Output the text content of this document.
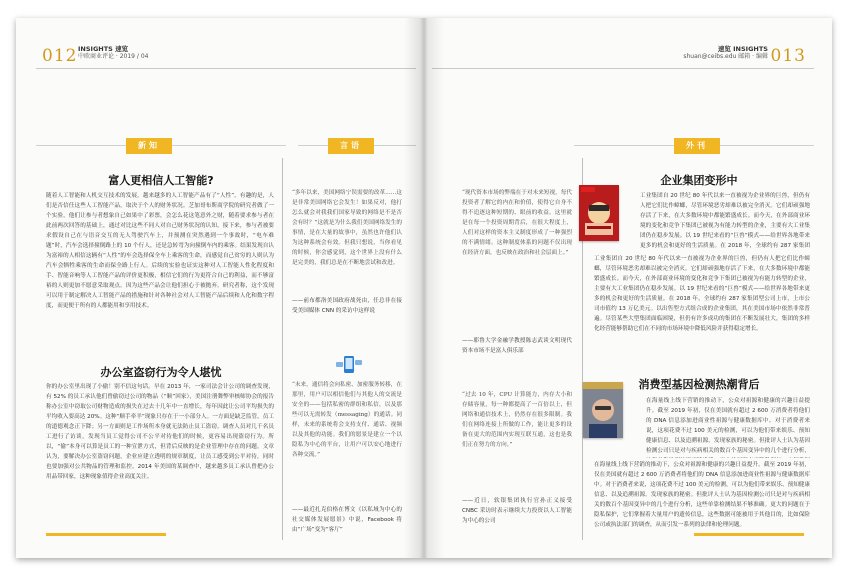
012 INSIGHTS 速览
中欧商业评论 · 2019 / 04
新知	言语
富人更相信人工智能?
随着人工智能和人机交互技术的发展，越来越多的人工智能产品有了“人性”。有趣的是，人们是否信任这些人工智能产品，取决于个人的财务状况。芝加哥布斯商学院的研究者做了一个实验，他们让参与者想象自己如果中了彩票，会怎么花这笔意外之财，随着要求参与者在此前两次回答的基础上，通过对比这些不同人对自己财务状况的认知，接下来，参与者被要求假设自己在与语音交互的无人驾驶汽车上，并预测在突然遇到一个事故时，“电车难题”时，汽车会选择撞倒路上的 10 个行人，还是急转弯为向撞倒车内的乘客。结果发现自认为富裕的人相信这辆有“人性”的车会选择保全车上乘客的生命，而感觉自己贫穷的人则认为汽车会牺牲乘客的生命而保全路上行人。后续的实验也证实这种对人工智能人性化程度和手、智能音响等人工智能产品的评价更积极，相信它们的行为更符合自己的利益，而不够富裕的人则更加不愿意采取观点。因为这些产品会让他们担心于被抛弃。研究者称，这个发现可以用于制定解决人工智能产品的措施和针对各种社会对人工智能产品后续和人化和数字程度，而更便于所有的人都能用和享用技术。
办公室盗窃行为令人堪忧
你的办公室里出现了小偷！别不信这句话。早在 2013 年，一家司法会计公司的调查发现，有 52% 的员工承认他们曾偷窃过公司的物品（“顺”回家），美国注册舞弊审核师协会的报告称办公室中窃取公司财物造成的损失在过去十几年中一直增长，每年因此让公司平均损失的平均收入要高达 20%。这种“顺手牵羊”现象只存在于一小部分人。一方面是缺乏监管，员工的道德观念正下降；另一方面则是工作场所本身就无法防止员工盗窃。调查人员对几千名员工进行了访谈，发现当员工觉得公司不公平对待他们的时候，更容易出现盗窃行为。所以，“偷”本身可以算是员工的一种宣泄方式，但背后反映的是企业管理中存在的问题。文章认为，要解决办公室盗窃问题，企业应建立透明的规章制度，让员工感受到公平对待，同时也要加强对公共物品的管理和监控。2014 年美国的某调查中，越来越多员工承认曾把办公用品带回家，这种现象值得企业高度关注。
“多年以来，美国网络宁误需要的改革……这是非常美国网络它会发生！如果反对，他打怎么就会对我我们国家导致的网络是不是否会有时？”这就是为什么我们美国网络发生的事情，是在大量的故事中，虽然也许他们认为这种系统会有效。但我只想说，当你看见的时候，你会感觉到，这个世界上没有什么是完美的，我们总是在不断地尝试和改进。
——前布都洛美国政府战死由，任总非在接受美国媒体 CNN 的采访中这样说
“未来，通信将会向私密、加密服务转移，在那里，用户可以相信他们与其他人的交流是安全的——包括私密的群组和私信，以及那些可以无需转发（messaging）的通话。同样，未来的系统将会支持支付、通话、视频以及其他的功能。我们的愿景是建立一个以隐私为中心的平台，让用户可以安心地进行各种交流。”
——最近扎克伯格在博文《以私域为中心的社交媒体发展愿景》中说，Facebook 将由“广场”变为“客厅”
013
速览 INSIGHTS
shuan@ceibs.edu 邮箱 · 编辑
外刊
“现代资本市场的弊端在于对未来短视，每代投资者了解它的内在和价值，使得它自身不得不追逐这种短期的、眼前的收益。这里就是在每一个投资周期背后，在很大程度上，人们对这样的资本主义制度形成了一种强烈的不满情绪。这种制度体系的问题不仅出现在经济方面，也反映在政治和社会层面上。”
——耶鲁大学金融学教授陈志武谈文明现代资本市场不是富人俱乐部
“过去 10 年，CPU 计算能力，内存大小和存储容量，每一种都提高了一百倍以上，但网络和通信技术上，仍然存在很多限制。我们在网络连接上所做的工作，能让更多的设备在更大的范围内实现互联互通，这也是我们正在努力的方向。”
——近日，软银集团执行官孙正义接受 CNBC 采访时表示继续大力投资以人工智能为中心的公司
企业集团变形中
工业集团自 20 世纪 80 年代以来一直被视为企业界的巨兽，但仍有人把它们比作蟑螂，尽管环境恶劣却难以被完全消灭。它们却顽强地存活了下来，在大多数环境中都能繁盛成长。而今天，在外部商业环境的变化和竞争下集团已被视为有能力转型的企业，主要有大工业集团仍在稳步发展。以 19 世纪来看的“巨兽”模式——给世界各地带来更多的机会和更好的生活质量。在 2018 年，全球约有 287 家集团
工业集团自 20 世纪 80 年代以来一直被视为企业界的巨兽，但仍有人把它们比作蟑螂，尽管环境恶劣却难以被完全消灭。它们却顽强地存活了下来，在大多数环境中都能繁盛成长。而今天，在外部商业环境的变化和竞争下集团已被视为有能力转型的企业，主要有大工业集团仍在稳步发展。以 19 世纪来看的“巨兽”模式——给世界各地带来更多的机会和更好的生活质量。在 2018 年，全球约有 287 家集团型公司上市，上市公司市值约 13 万亿美元。以出售型方式组合成的企业集团，其在美国市场中依然非常普遍。尽管某些大型集团面临困境，但仍有许多成功的集团在不断发展壮大，集团的多样化经营能够帮助它们在不同的市场环境中降低风险并获得稳定增长。
消费型基因检测热潮背后
在海量线上线下营销的推动下，公众对祖源和健康的兴趣日益提升。截至 2019 年初，仅在美国就有超过 2 600 万消费者将他们的 DNA 信息添加进商业性祖源与健康数据库中。对于消费者来说，这项花费不过 100 美元的检测，可以为他们带来娱乐、预知健康信息、以及追溯祖源。发现家族的秘密。但批评人士认为基因检测公司只是对与疾病相关的数百个基因变异中的几个进行分析，
在海量线上线下营销的推动下，公众对祖源和健康的兴趣日益提升。截至 2019 年初，仅在美国就有超过 2 600 万消费者将他们的 DNA 信息添加进商业性祖源与健康数据库中。对于消费者来说，这项花费不过 100 美元的检测，可以为他们带来娱乐、预知健康信息、以及追溯祖源。发现家族的秘密。但批评人士认为基因检测公司只是对与疾病相关的数百个基因变异中的几个进行分析，这些单靠检测结果不够准确。更大的问题在于隐私保护，它们掌握着大量用户的遗传信息，这些数据可能被用于其他目的，比如保险公司或执法部门的调查，从而引发一系列的法律和伦理问题。
